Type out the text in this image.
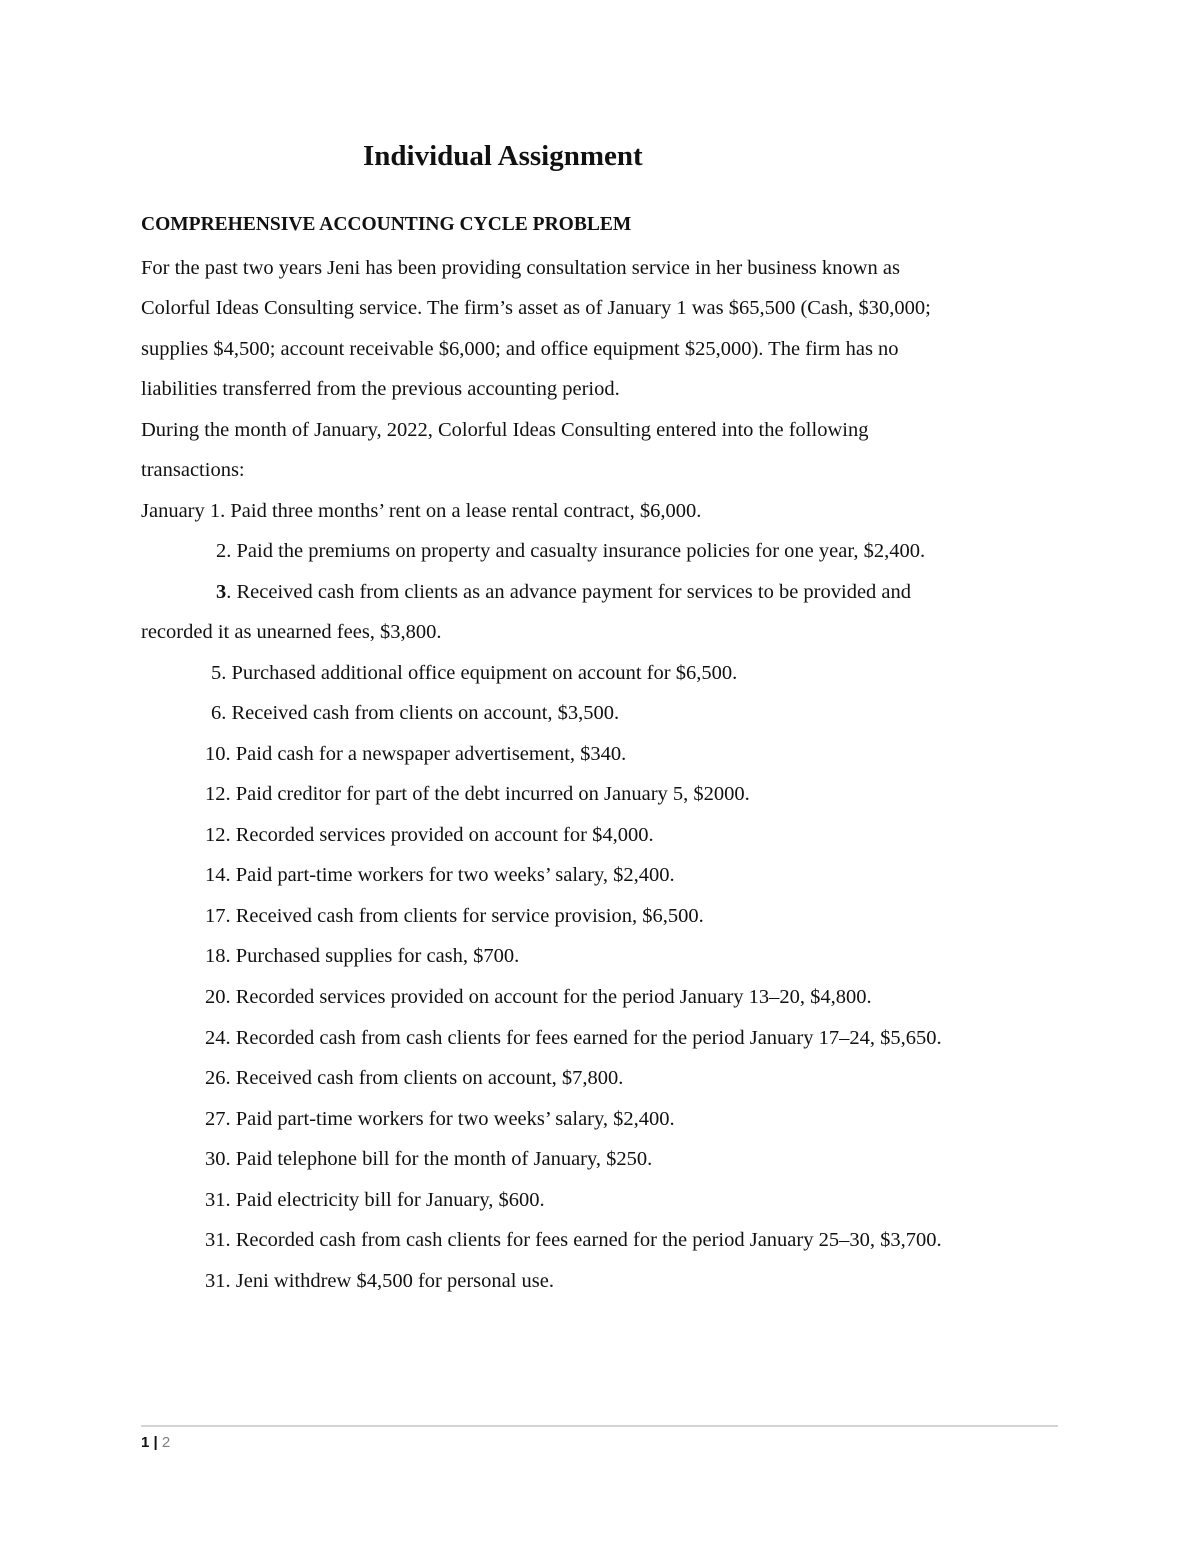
Individual Assignment
COMPREHENSIVE ACCOUNTING CYCLE PROBLEM
For the past two years Jeni has been providing consultation service in her business known as
Colorful Ideas Consulting service. The firm’s asset as of January 1 was $65,500 (Cash, $30,000;
supplies $4,500; account receivable $6,000; and office equipment $25,000). The firm has no
liabilities transferred from the previous accounting period.
During the month of January, 2022, Colorful Ideas Consulting entered into the following
transactions:
January 1. Paid three months’ rent on a lease rental contract, $6,000.
2. Paid the premiums on property and casualty insurance policies for one year, $2,400.
3. Received cash from clients as an advance payment for services to be provided and
recorded it as unearned fees, $3,800.
5. Purchased additional office equipment on account for $6,500.
6. Received cash from clients on account, $3,500.
10. Paid cash for a newspaper advertisement, $340.
12. Paid creditor for part of the debt incurred on January 5, $2000.
12. Recorded services provided on account for $4,000.
14. Paid part-time workers for two weeks’ salary, $2,400.
17. Received cash from clients for service provision, $6,500.
18. Purchased supplies for cash, $700.
20. Recorded services provided on account for the period January 13–20, $4,800.
24. Recorded cash from cash clients for fees earned for the period January 17–24, $5,650.
26. Received cash from clients on account, $7,800.
27. Paid part-time workers for two weeks’ salary, $2,400.
30. Paid telephone bill for the month of January, $250.
31. Paid electricity bill for January, $600.
31. Recorded cash from cash clients for fees earned for the period January 25–30, $3,700.
31. Jeni withdrew $4,500 for personal use.
1 | 2
